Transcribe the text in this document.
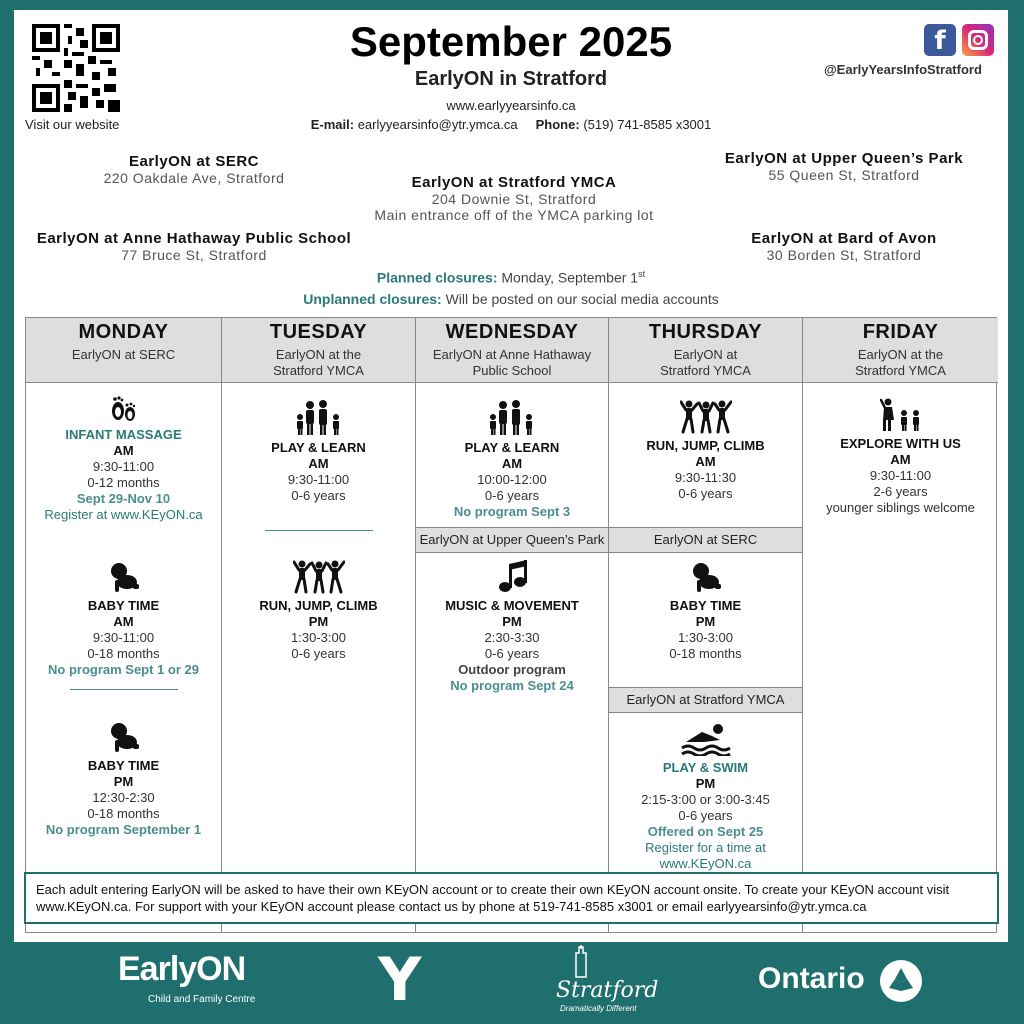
Visit our website
September 2025
EarlyON in Stratford
www.earlyyearsinfo.ca
E-mail: earlyyearsinfo@ytr.ymca.ca Phone: (519) 741-8585 x3001
f
@EarlyYearsInfoStratford
EarlyON at SERC
220 Oakdale Ave, Stratford	EarlyON at Stratford YMCA
204 Downie St, Stratford
Main entrance off of the YMCA parking lot
EarlyON at Upper Queen’s Park
55 Queen St, Stratford
EarlyON at Anne Hathaway Public School
77 Bruce St, Stratford
EarlyON at Bard of Avon
30 Borden St, Stratford
Planned closures: Monday, September 1st
Unplanned closures: Will be posted on our social media accounts
MONDAY
EarlyON at SERC
INFANT MASSAGE
AM
9:30-11:00
0-12 months
Sept 29-Nov 10
Register at www.KEyON.ca
BABY TIME
AM
9:30-11:00
0-18 months
No program Sept 1 or 29
BABY TIME
PM
12:30-2:30
0-18 months
No program September 1
TUESDAY
EarlyON at the
Stratford YMCA
PLAY & LEARN
AM
9:30-11:00
0-6 years
RUN, JUMP, CLIMB
PM
1:30-3:00
0-6 years
WEDNESDAY
EarlyON at Anne Hathaway
Public School
PLAY & LEARN
AM
10:00-12:00
0-6 years
No program Sept 3
EarlyON at Upper Queen’s Park
MUSIC & MOVEMENT
PM
2:30-3:30
0-6 years
Outdoor program
No program Sept 24
THURSDAY
EarlyON at
Stratford YMCA
RUN, JUMP, CLIMB
AM
9:30-11:30
0-6 years
EarlyON at SERC
BABY TIME
PM
1:30-3:00
0-18 months
EarlyON at Stratford YMCA
PLAY & SWIM
PM
2:15-3:00 or 3:00-3:45
0-6 years
Offered on Sept 25
Register for a time at
www.KEyON.ca
FRIDAY
EarlyON at the
Stratford YMCA
EXPLORE WITH US
AM
9:30-11:00
2-6 years
younger siblings welcome
Each adult entering EarlyON will be asked to have their own KEyON account or to create their own KEyON account onsite. To create your KEyON account visit www.KEyON.ca. For support with your KEyON account please contact us by phone at 519-741-8585 x3001 or email earlyyearsinfo@ytr.ymca.ca
EarlyON
Child and Family Centre Y	Stratford
Dramatically Different
Ontario
